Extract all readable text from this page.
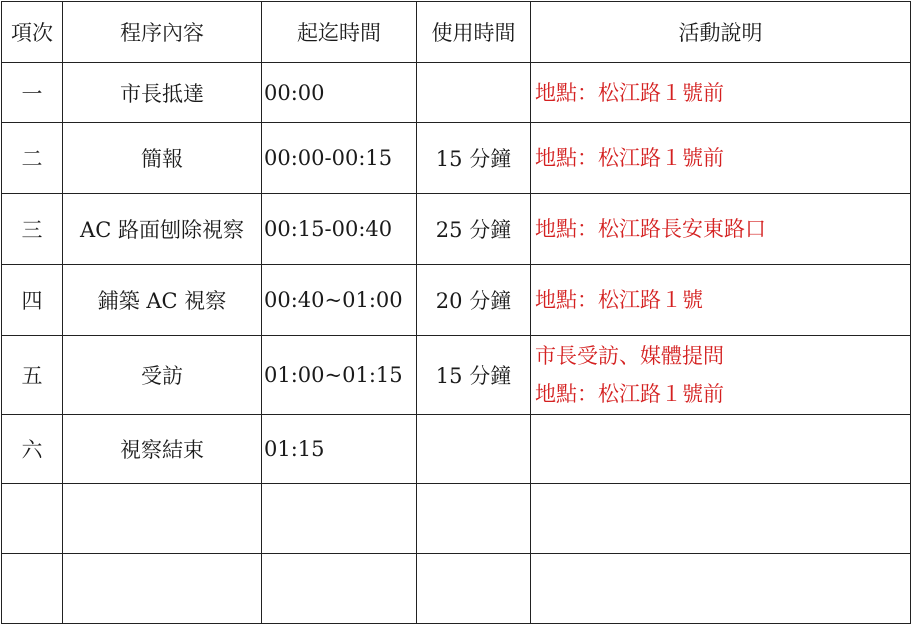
項次	程序內容	起迄時間	使用時間	活動說明
一	市長抵達	00:00		地點：松江路１號前

二	簡報	00:00-00:15	15 分鐘	地點：松江路１號前

三	AC 路面刨除視察	00:15-00:40	25 分鐘	地點：松江路長安東路口

四	鋪築 AC 視察	00:40~01:00	20 分鐘	地點：松江路１號

五	受訪	01:00~01:15	15 分鐘	市長受訪、媒體提問
地點：松江路１號前

六	視察結束	01:15		
